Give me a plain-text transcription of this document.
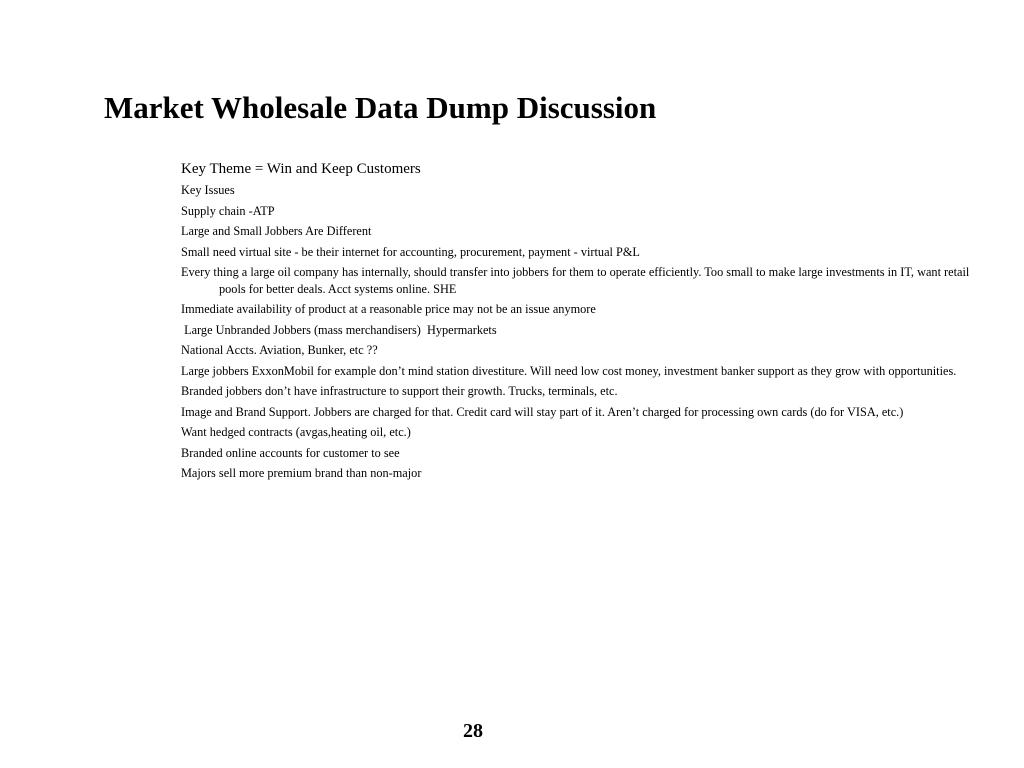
Market Wholesale Data Dump Discussion
Key Theme = Win and Keep Customers
Key Issues
Supply chain -ATP
Large and Small Jobbers Are Different
Small need virtual site - be their internet for accounting, procurement, payment - virtual P&L
Every thing a large oil company has internally, should transfer into jobbers for them to operate efficiently. Too small to make large investments in IT, want retail pools for better deals. Acct systems online. SHE
Immediate availability of product at a reasonable price may not be an issue anymore
Large Unbranded Jobbers (mass merchandisers)  Hypermarkets
National Accts. Aviation, Bunker, etc ??
Large jobbers ExxonMobil for example don’t mind station divestiture. Will need low cost money, investment banker support as they grow with opportunities.
Branded jobbers don’t have infrastructure to support their growth. Trucks, terminals, etc.
Image and Brand Support. Jobbers are charged for that. Credit card will stay part of it. Aren’t charged for processing own cards (do for VISA, etc.)
Want hedged contracts (avgas,heating oil, etc.)
Branded online accounts for customer to see
Majors sell more premium brand than non-major
28
